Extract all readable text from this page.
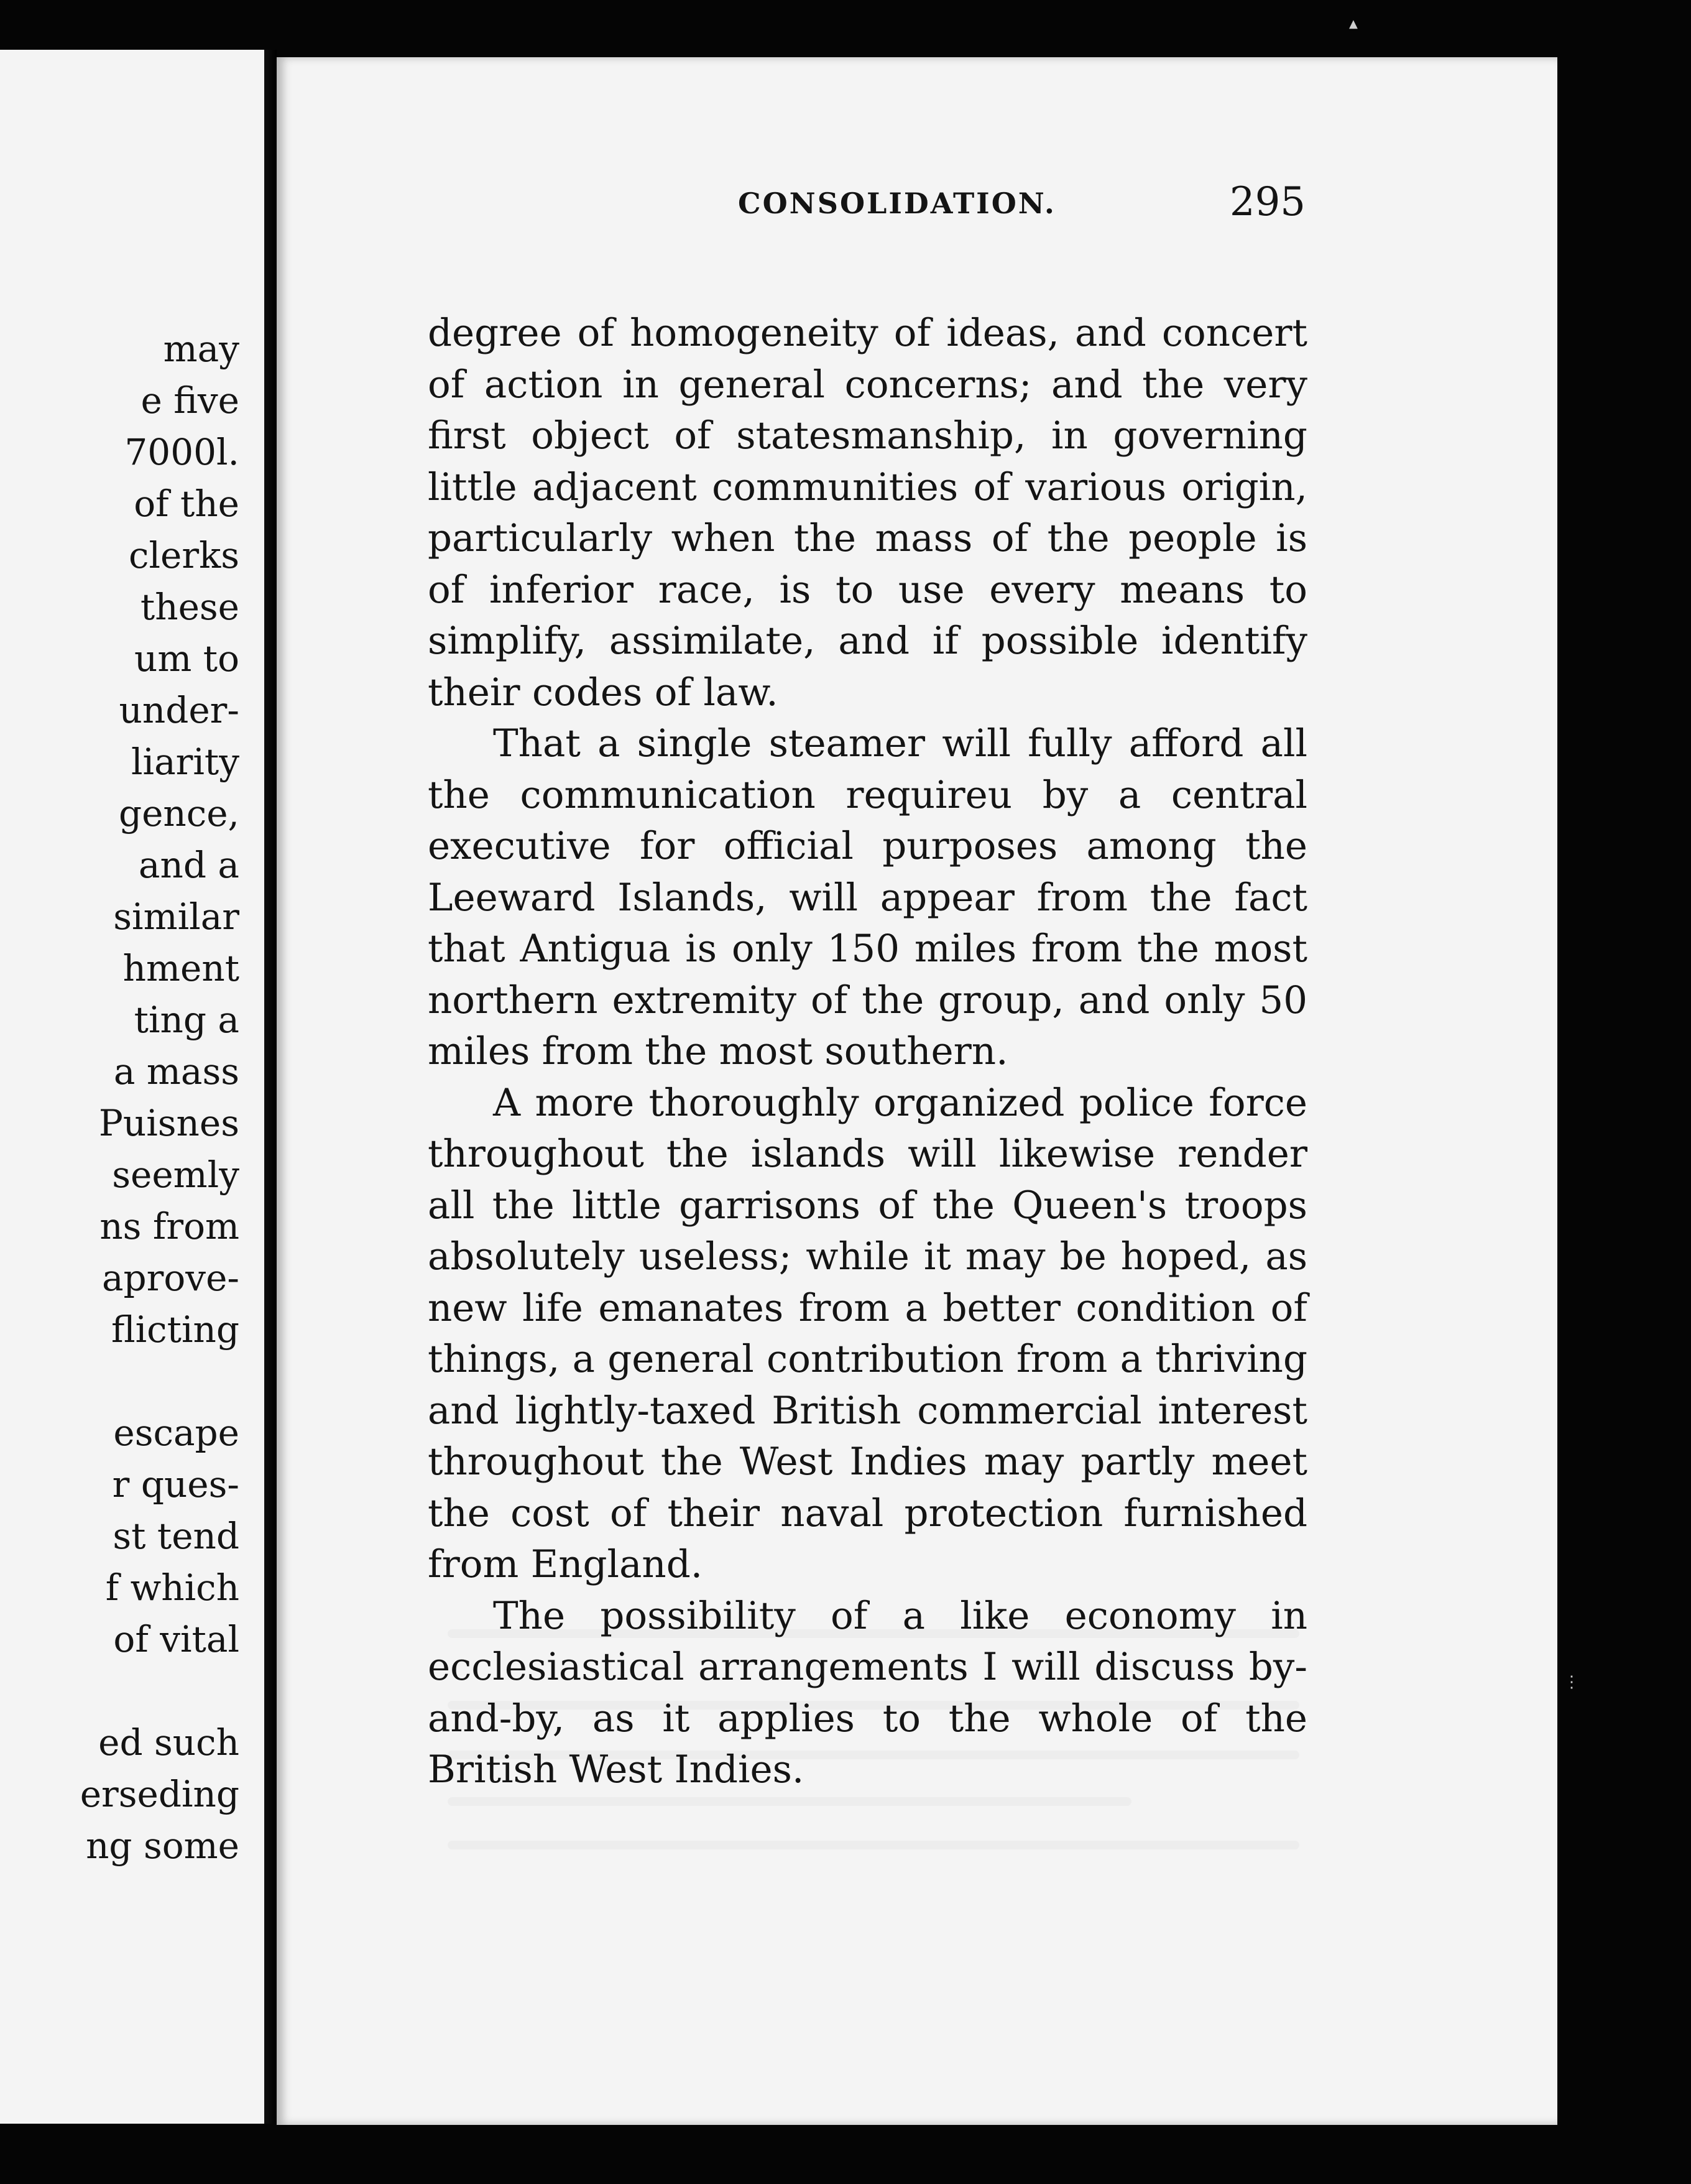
may

e five

7000l.

of the

clerks

these

um to

under-

liarity

gence,

and a

similar

hment

ting a

a mass

Puisnes

seemly

ns from

aprove-

flicting

escape

r ques-

st tend

f which

of vital

ed such

erseding

ng some

CONSOLIDATION.	295

degree of homogeneity of ideas, and concert of action in general concerns; and the very first object of statesmanship, in governing little adjacent communities of various origin, particularly when the mass of the people is of inferior race, is to use every means to simplify, assimilate, and if possible identify their codes of law.

That a single steamer will fully afford all the communication requireu by a central executive for official purposes among the Leeward Islands, will appear from the fact that Antigua is only 150 miles from the most northern extremity of the group, and only 50 miles from the most southern.

A more thoroughly organized police force throughout the islands will likewise render all the little garrisons of the Queen's troops absolutely useless; while it may be hoped, as new life emanates from a better condition of things, a general contribution from a thriving and lightly-taxed British commercial interest throughout the West Indies may partly meet the cost of their naval protection furnished from England.

The possibility of a like economy in ecclesiastical arrangements I will discuss by-and-by, as it applies to the whole of the British West Indies.

⋮
▲
